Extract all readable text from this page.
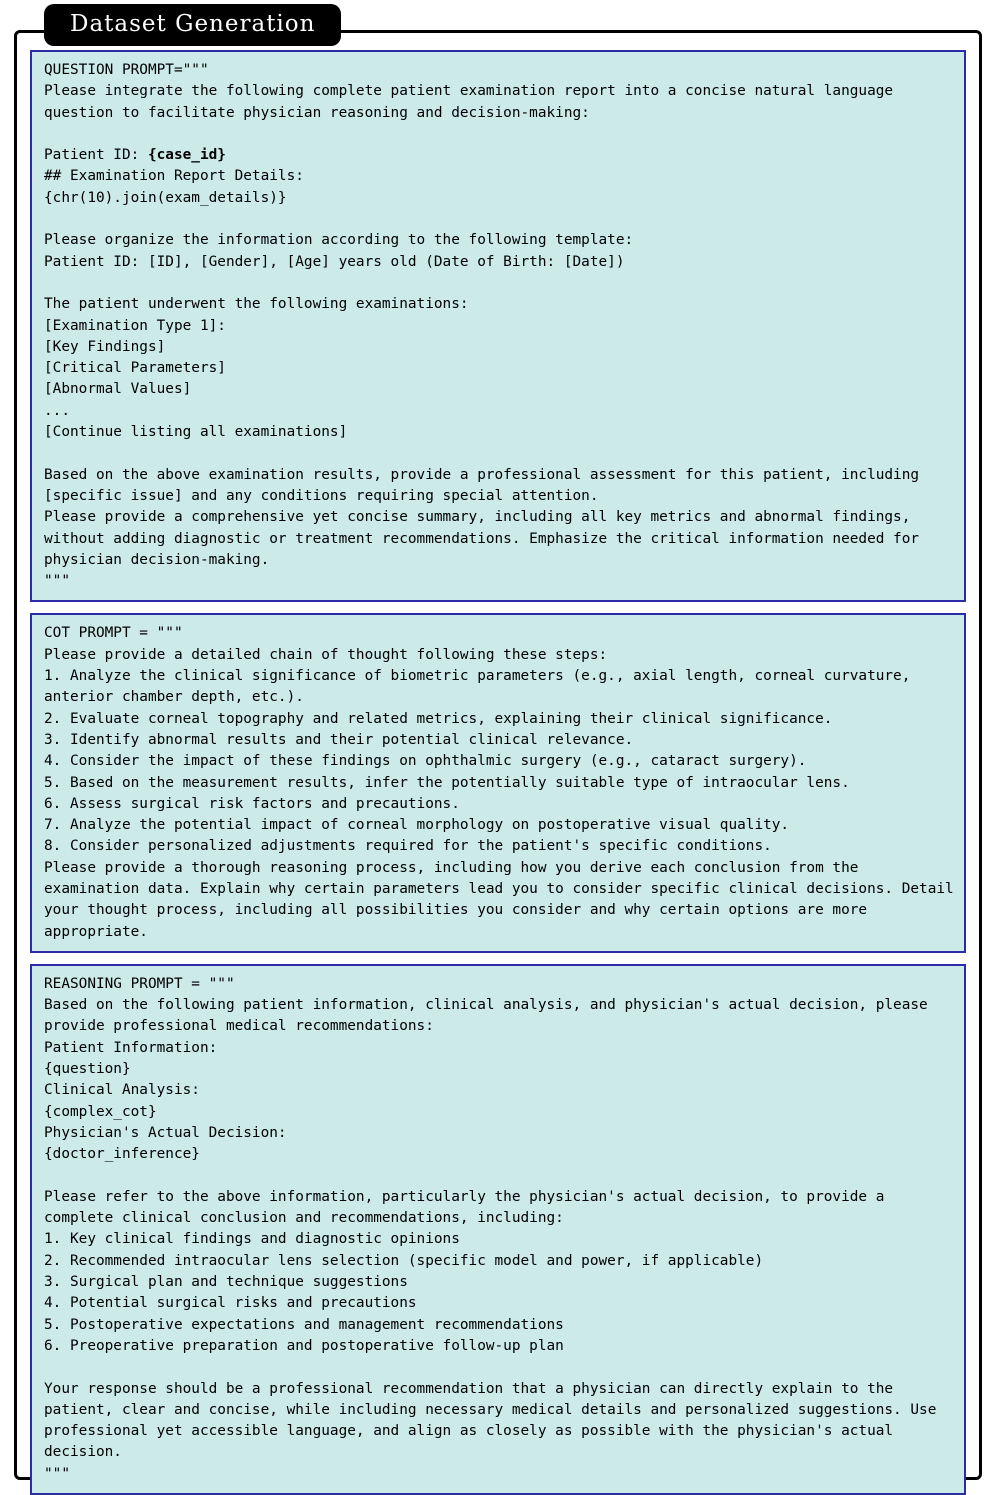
Dataset Generation
QUESTION PROMPT="""
Please integrate the following complete patient examination report into a concise natural language question to facilitate physician reasoning and decision-making:

Patient ID: {case_id}
## Examination Report Details:
{chr(10).join(exam_details)}

Please organize the information according to the following template:
Patient ID: [ID], [Gender], [Age] years old (Date of Birth: [Date])

The patient underwent the following examinations:
[Examination Type 1]:
[Key Findings]
[Critical Parameters]
[Abnormal Values]
...
[Continue listing all examinations]

Based on the above examination results, provide a professional assessment for this patient, including [specific issue] and any conditions requiring special attention.
Please provide a comprehensive yet concise summary, including all key metrics and abnormal findings, without adding diagnostic or treatment recommendations. Emphasize the critical information needed for physician decision-making.
"""
COT PROMPT = """
Please provide a detailed chain of thought following these steps:
1. Analyze the clinical significance of biometric parameters (e.g., axial length, corneal curvature, anterior chamber depth, etc.).
2. Evaluate corneal topography and related metrics, explaining their clinical significance.
3. Identify abnormal results and their potential clinical relevance.
4. Consider the impact of these findings on ophthalmic surgery (e.g., cataract surgery).
5. Based on the measurement results, infer the potentially suitable type of intraocular lens.
6. Assess surgical risk factors and precautions.
7. Analyze the potential impact of corneal morphology on postoperative visual quality.
8. Consider personalized adjustments required for the patient's specific conditions.
Please provide a thorough reasoning process, including how you derive each conclusion from the examination data. Explain why certain parameters lead you to consider specific clinical decisions. Detail your thought process, including all possibilities you consider and why certain options are more appropriate.
REASONING PROMPT = """
Based on the following patient information, clinical analysis, and physician's actual decision, please provide professional medical recommendations:
Patient Information:
{question}
Clinical Analysis:
{complex_cot}
Physician's Actual Decision:
{doctor_inference}

Please refer to the above information, particularly the physician's actual decision, to provide a complete clinical conclusion and recommendations, including:
1. Key clinical findings and diagnostic opinions
2. Recommended intraocular lens selection (specific model and power, if applicable)
3. Surgical plan and technique suggestions
4. Potential surgical risks and precautions
5. Postoperative expectations and management recommendations
6. Preoperative preparation and postoperative follow-up plan

Your response should be a professional recommendation that a physician can directly explain to the patient, clear and concise, while including necessary medical details and personalized suggestions. Use professional yet accessible language, and align as closely as possible with the physician's actual decision.
"""
